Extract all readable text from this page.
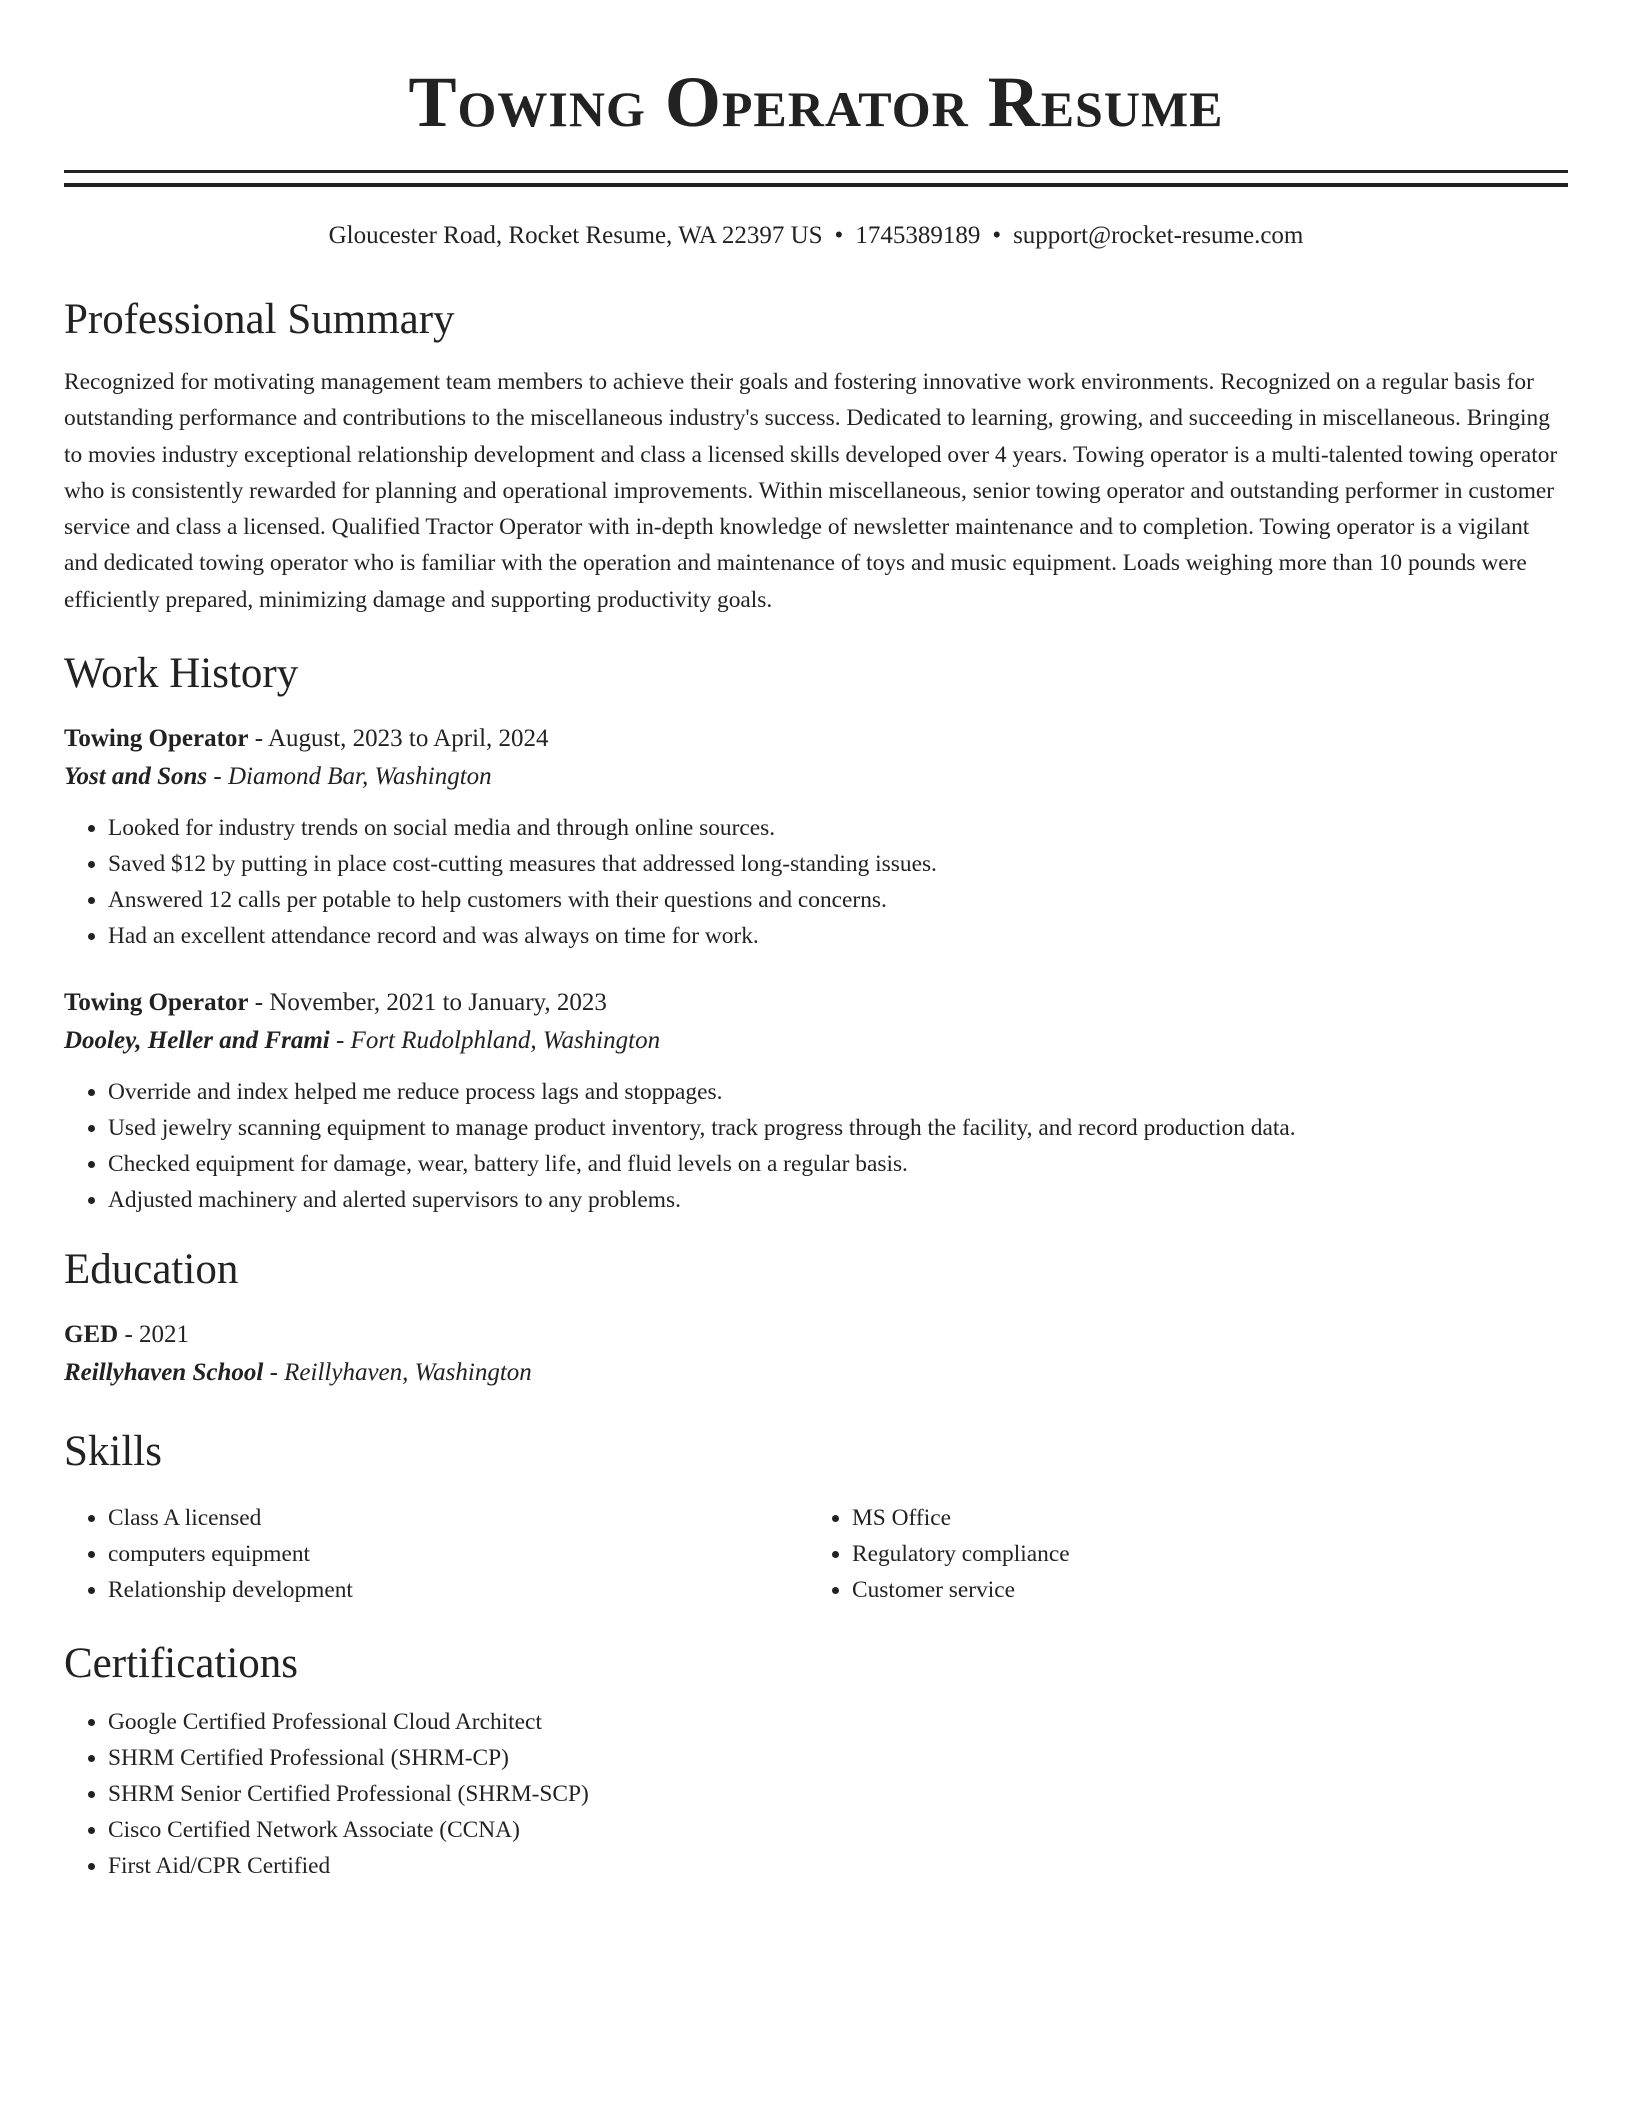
Towing Operator Resume
Gloucester Road, Rocket Resume, WA 22397 US • 1745389189 • support@rocket-resume.com
Professional Summary

Recognized for motivating management team members to achieve their goals and fostering innovative work environments. Recognized on a regular basis for outstanding performance and contributions to the miscellaneous industry's success. Dedicated to learning, growing, and succeeding in miscellaneous. Bringing to movies industry exceptional relationship development and class a licensed skills developed over 4 years. Towing operator is a multi-talented towing operator who is consistently rewarded for planning and operational improvements. Within miscellaneous, senior towing operator and outstanding performer in customer service and class a licensed. Qualified Tractor Operator with in-depth knowledge of newsletter maintenance and to completion. Towing operator is a vigilant and dedicated towing operator who is familiar with the operation and maintenance of toys and music equipment. Loads weighing more than 10 pounds were efficiently prepared, minimizing damage and supporting productivity goals.

Work History
Towing Operator - August, 2023 to April, 2024
Yost and Sons - Diamond Bar, Washington
• Looked for industry trends on social media and through online sources.
• Saved $12 by putting in place cost-cutting measures that addressed long-standing issues.
• Answered 12 calls per potable to help customers with their questions and concerns.
• Had an excellent attendance record and was always on time for work.
Towing Operator - November, 2021 to January, 2023
Dooley, Heller and Frami - Fort Rudolphland, Washington
• Override and index helped me reduce process lags and stoppages.
• Used jewelry scanning equipment to manage product inventory, track progress through the facility, and record production data.
• Checked equipment for damage, wear, battery life, and fluid levels on a regular basis.
• Adjusted machinery and alerted supervisors to any problems.
Education
GED - 2021
Reillyhaven School - Reillyhaven, Washington
Skills
• Class A licensed
• computers equipment
• Relationship development
• MS Office
• Regulatory compliance
• Customer service
Certifications
• Google Certified Professional Cloud Architect
• SHRM Certified Professional (SHRM-CP)
• SHRM Senior Certified Professional (SHRM-SCP)
• Cisco Certified Network Associate (CCNA)
• First Aid/CPR Certified
